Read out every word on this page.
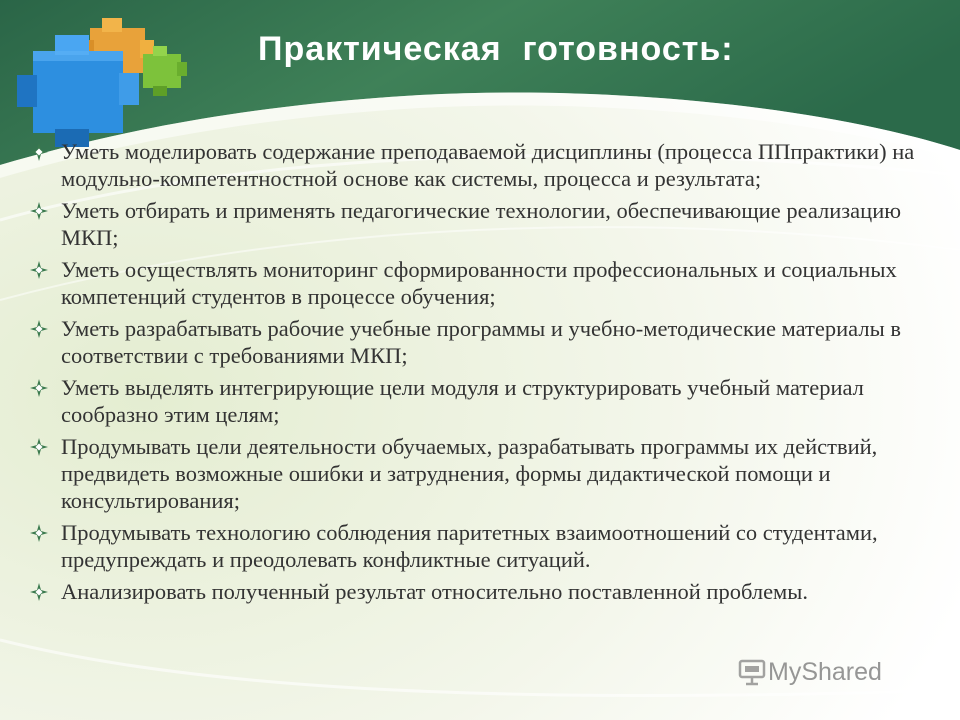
Практическая  готовность:
Уметь моделировать содержание преподаваемой дисциплины (процесса ППпрактики) на модульно-компетентностной основе как системы, процесса и результата;
Уметь отбирать и применять педагогические технологии, обеспечивающие реализацию МКП;
Уметь осуществлять мониторинг сформированности профессиональных и социальных компетенций студентов в процессе обучения;
Уметь разрабатывать рабочие учебные программы и учебно-методические материалы в соответствии с требованиями МКП;
Уметь выделять интегрирующие цели модуля и структурировать учебный материал сообразно этим целям;
Продумывать цели деятельности обучаемых, разрабатывать программы их действий, предвидеть возможные ошибки и затруднения, формы дидактической помощи и консультирования;
Продумывать технологию соблюдения паритетных взаимоотношений со студентами, предупреждать и преодолевать конфликтные ситуаций.
Анализировать полученный результат относительно поставленной проблемы.
MyShared
